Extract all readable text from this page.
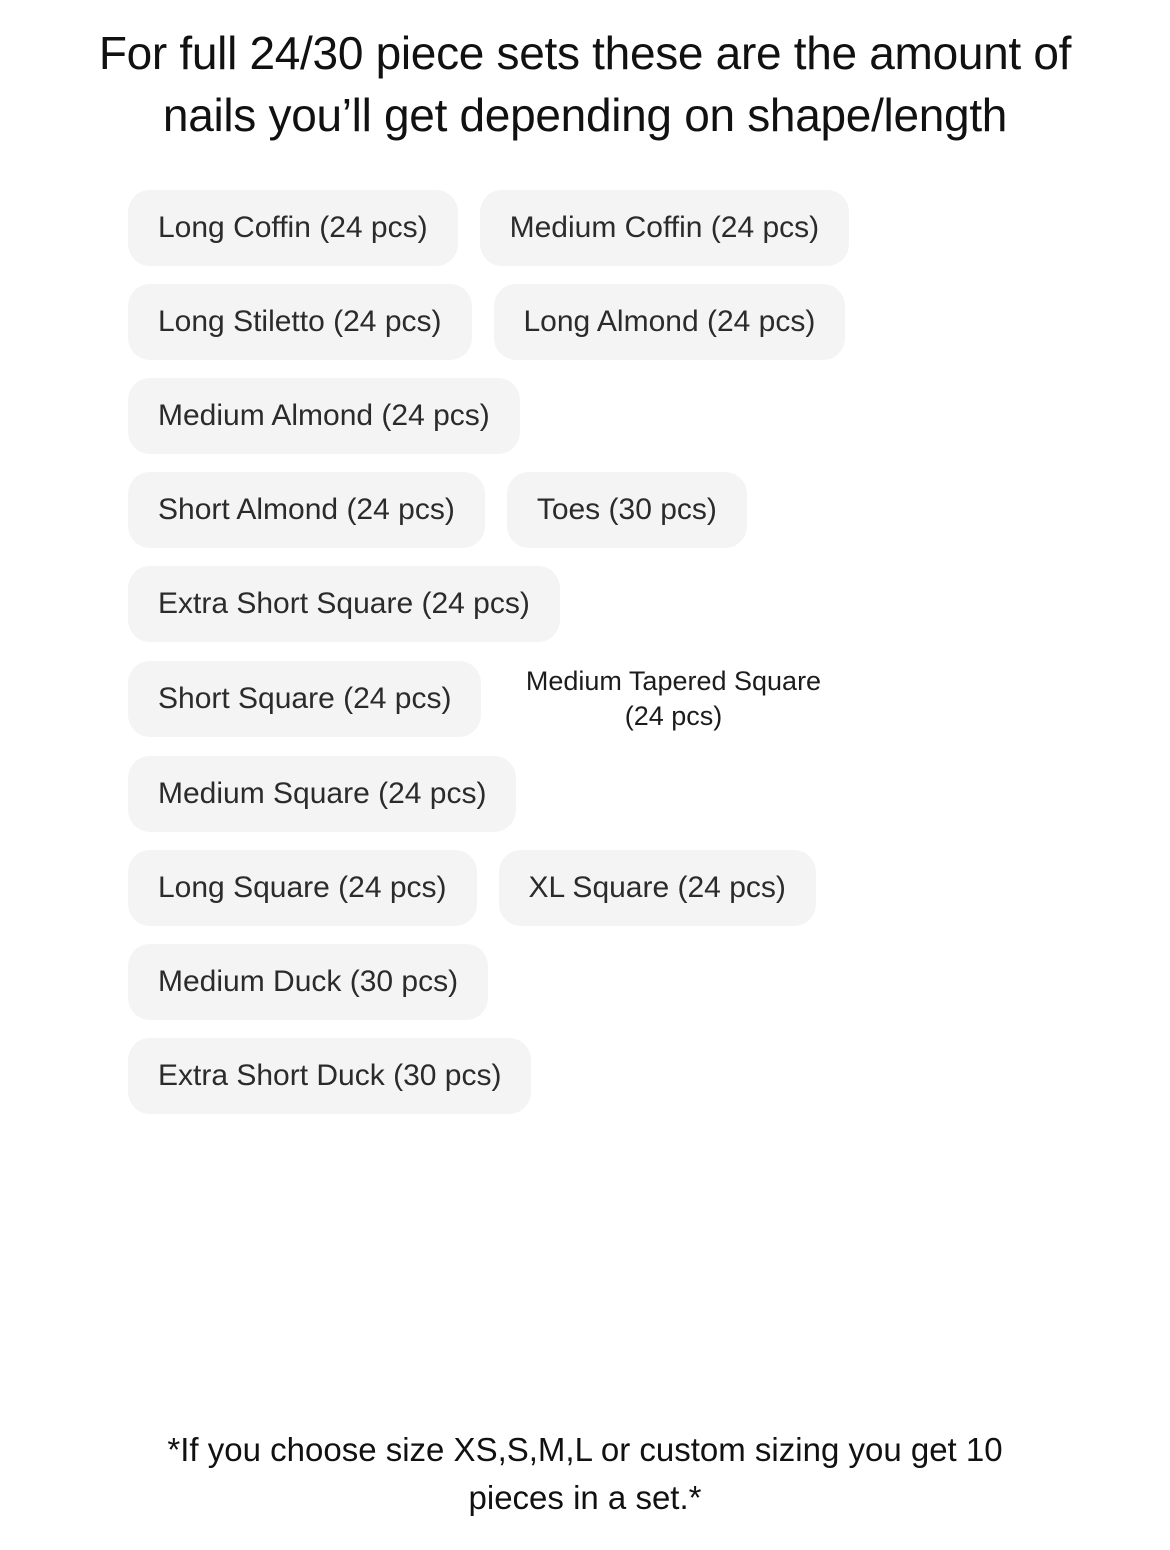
For full 24/30 piece sets these are the amount of nails you’ll get depending on shape/length
Long Coffin (24 pcs)	Medium Coffin (24 pcs)
Long Stiletto (24 pcs)	Long Almond (24 pcs)
Medium Almond (24 pcs)
Short Almond (24 pcs)	Toes (30 pcs)
Extra Short Square (24 pcs)
Short Square (24 pcs)
Medium Tapered Square (24 pcs)
Medium Square (24 pcs)
Long Square (24 pcs)	XL Square (24 pcs)
Medium Duck (30 pcs)
Extra Short Duck (30 pcs)
*If you choose size XS,S,M,L or custom sizing you get 10 pieces in a set.*
